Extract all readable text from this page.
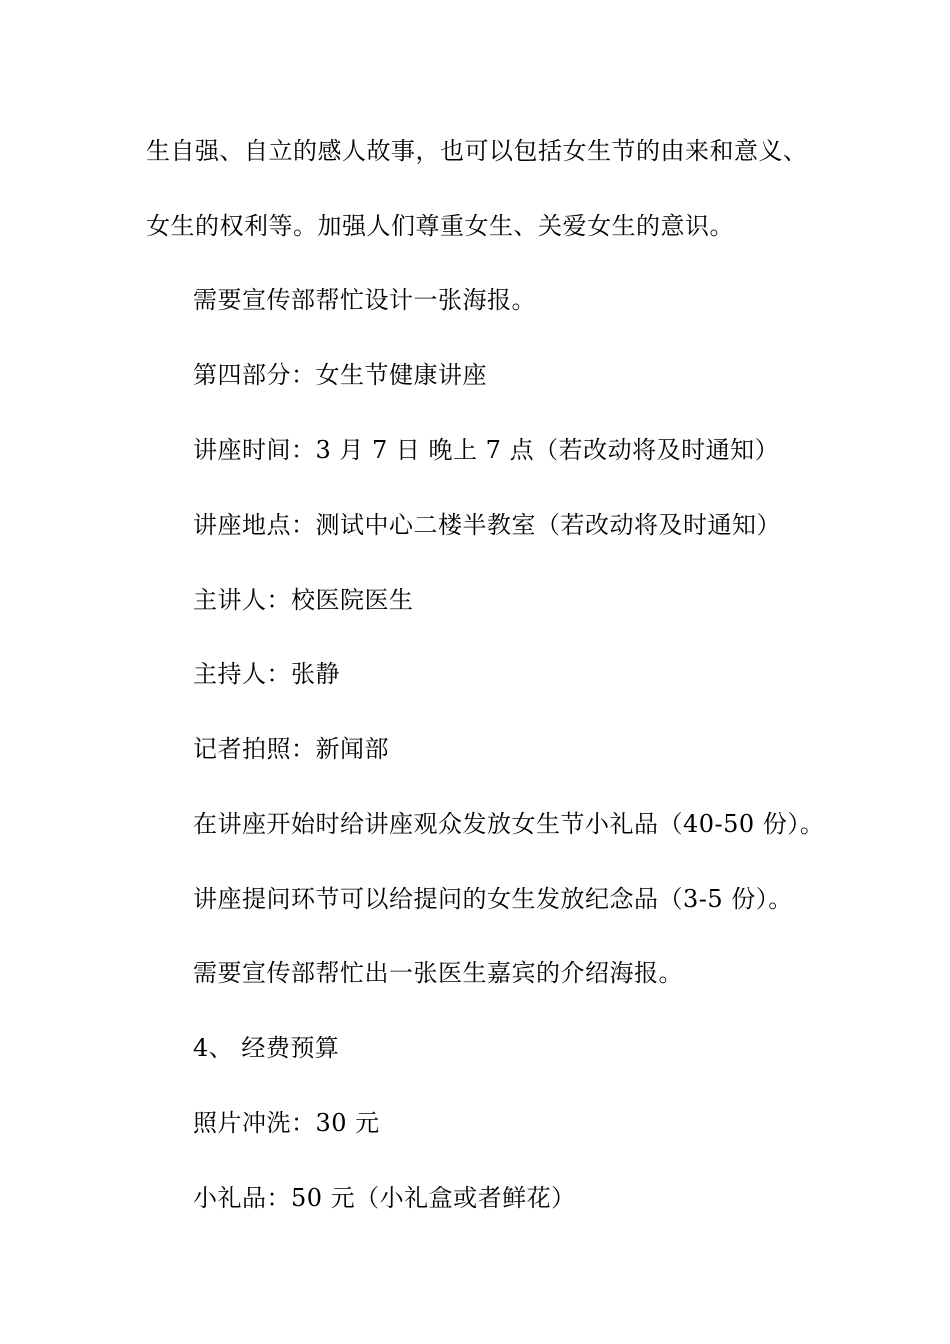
生自强、自立的感人故事，也可以包括女生节的由来和意义、
女生的权利等。加强人们尊重女生、关爱女生的意识。
需要宣传部帮忙设计一张海报。
第四部分：女生节健康讲座
讲座时间：3 月 7 日 晚上 7 点（若改动将及时通知）
讲座地点：测试中心二楼半教室（若改动将及时通知）
主讲人：校医院医生
主持人：张静
记者拍照：新闻部
在讲座开始时给讲座观众发放女生节小礼品（40-50 份）。
讲座提问环节可以给提问的女生发放纪念品（3-5 份）。
需要宣传部帮忙出一张医生嘉宾的介绍海报。
4、 经费预算
照片冲洗：30 元
小礼品：50 元（小礼盒或者鲜花）
